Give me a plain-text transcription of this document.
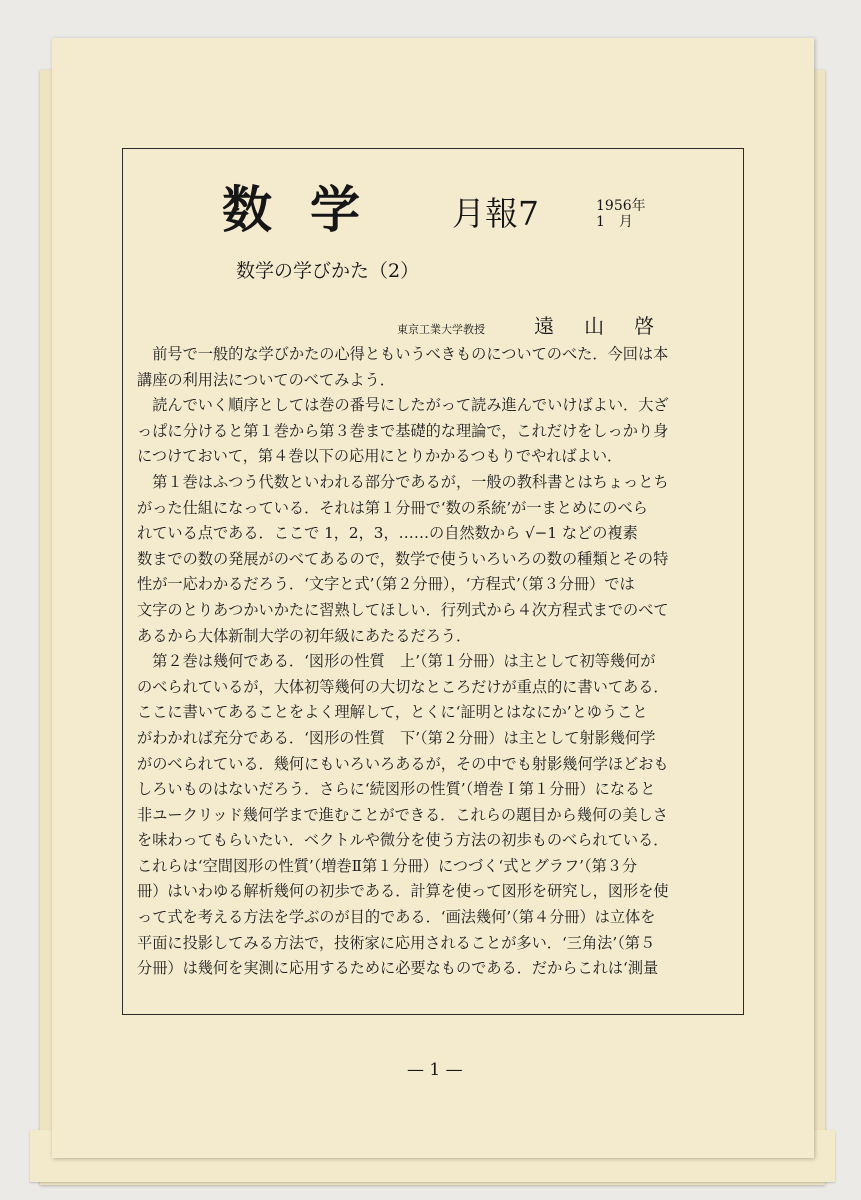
数学 月報7	1956年
1　月
数学の学びかた（2）
東京工業大学教授 遠山啓
　前号で一般的な学びかたの心得ともいうべきものについてのべた．今回は本
講座の利用法についてのべてみよう．
　読んでいく順序としては巻の番号にしたがって読み進んでいけばよい．大ざ
っぱに分けると第１巻から第３巻まで基礎的な理論で，これだけをしっかり身
につけておいて，第４巻以下の応用にとりかかるつもりでやればよい．
　第１巻はふつう代数といわれる部分であるが，一般の教科書とはちょっとち
がった仕組になっている．それは第１分冊で‘数の系統’が一まとめにのべら
れている点である．ここで 1，2，3，……の自然数から √−1 などの複素
数までの数の発展がのべてあるので，数学で使ういろいろの数の種類とその特
性が一応わかるだろう．‘文字と式’（第２分冊），‘方程式’（第３分冊）では
文字のとりあつかいかたに習熟してほしい．行列式から４次方程式までのべて
あるから大体新制大学の初年級にあたるだろう．
　第２巻は幾何である．‘図形の性質　上’（第１分冊）は主として初等幾何が
のべられているが，大体初等幾何の大切なところだけが重点的に書いてある．
ここに書いてあることをよく理解して，とくに‘証明とはなにか’とゆうこと
がわかれば充分である．‘図形の性質　下’（第２分冊）は主として射影幾何学
がのべられている．幾何にもいろいろあるが，その中でも射影幾何学ほどおも
しろいものはないだろう．さらに‘続図形の性質’（増巻Ｉ第１分冊）になると
非ユークリッド幾何学まで進むことができる．これらの題目から幾何の美しさ
を味わってもらいたい．ベクトルや微分を使う方法の初歩ものべられている．
これらは‘空間図形の性質’（増巻Ⅱ第１分冊）につづく‘式とグラフ’（第３分
冊）はいわゆる解析幾何の初歩である．計算を使って図形を研究し，図形を使
って式を考える方法を学ぶのが目的である．‘画法幾何’（第４分冊）は立体を
平面に投影してみる方法で，技術家に応用されることが多い．‘三角法’（第５
分冊）は幾何を実測に応用するために必要なものである．だからこれは‘測量
— 1 —
